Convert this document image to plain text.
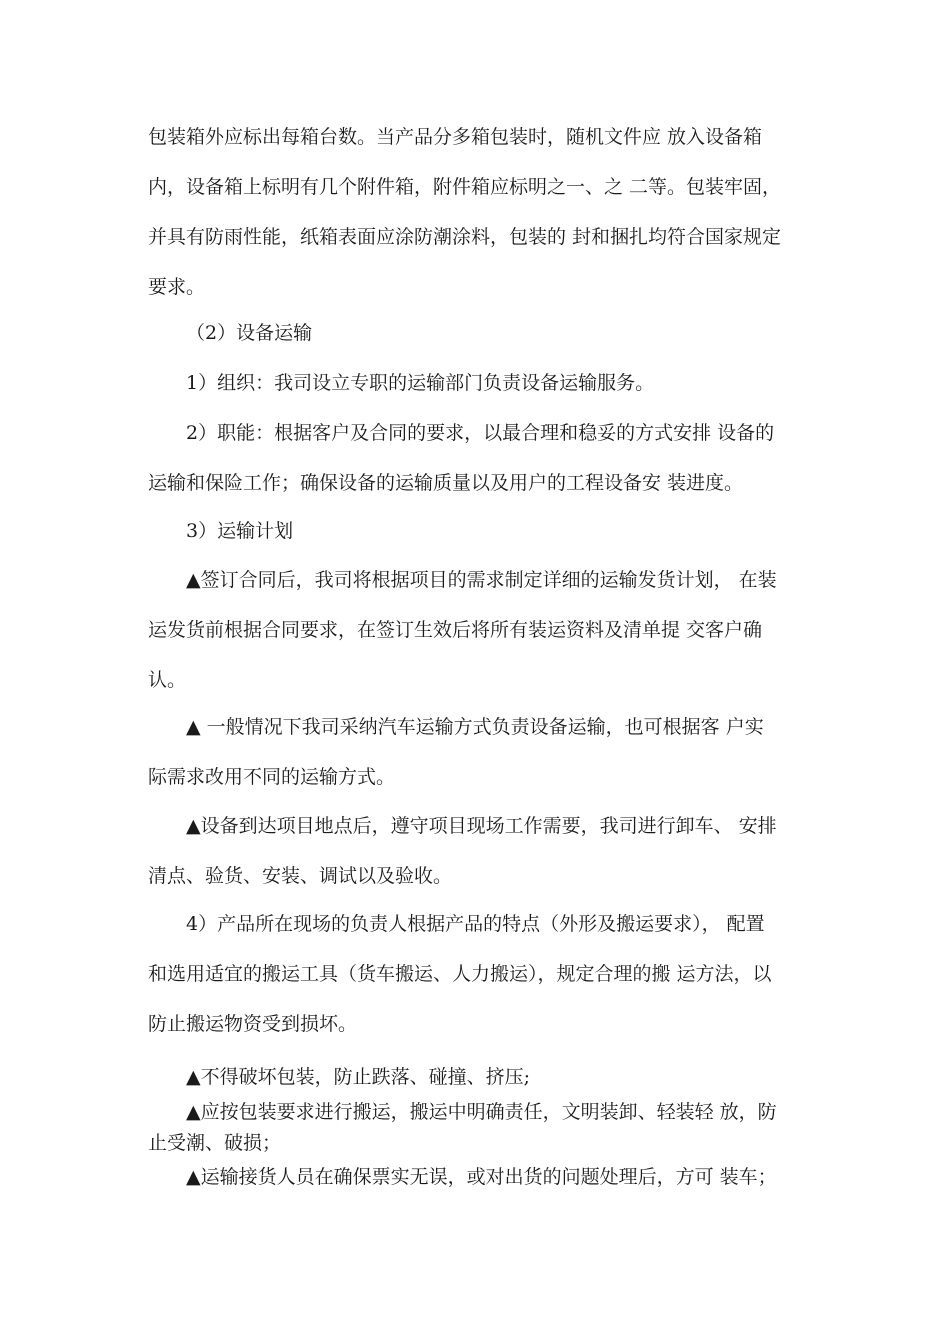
包装箱外应标出每箱台数。当产品分多箱包装时，随机文件应 放入设备箱
内，设备箱上标明有几个附件箱，附件箱应标明之一、之 二等。包装牢固，
并具有防雨性能，纸箱表面应涂防潮涂料，包装的 封和捆扎均符合国家规定
要求。

（2）设备运输

1）组织：我司设立专职的运输部门负责设备运输服务。

2）职能：根据客户及合同的要求，以最合理和稳妥的方式安排 设备的
运输和保险工作；确保设备的运输质量以及用户的工程设备安 装进度。

3）运输计划

▲签订合同后，我司将根据项目的需求制定详细的运输发货计划， 在装
运发货前根据合同要求，在签订生效后将所有装运资料及清单提 交客户确
认。

▲ 一般情况下我司采纳汽车运输方式负责设备运输，也可根据客 户实
际需求改用不同的运输方式。

▲设备到达项目地点后，遵守项目现场工作需要，我司进行卸车、 安排
清点、验货、安装、调试以及验收。

4）产品所在现场的负责人根据产品的特点（外形及搬运要求）， 配置
和选用适宜的搬运工具（货车搬运、人力搬运），规定合理的搬 运方法，以
防止搬运物资受到损坏。

▲不得破坏包装，防止跌落、碰撞、挤压;

▲应按包装要求进行搬运，搬运中明确责任，文明装卸、轻装轻 放，防
止受潮、破损；

▲运输接货人员在确保票实无误，或对出货的问题处理后，方可 装车；
